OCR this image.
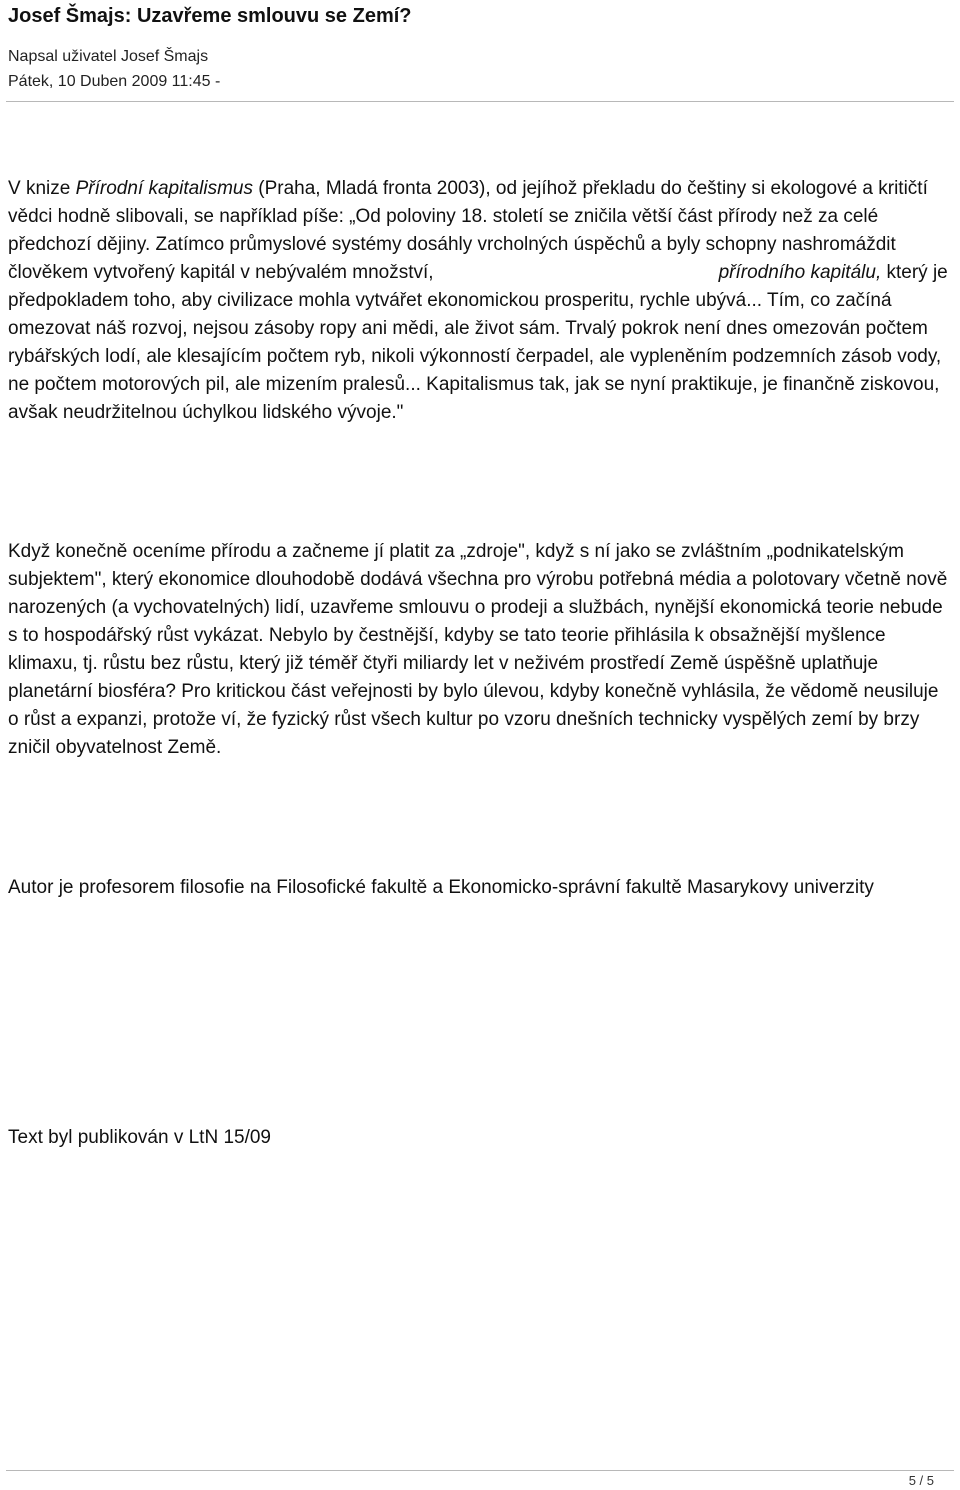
Josef Šmajs: Uzavřeme smlouvu se Zemí?
Napsal uživatel Josef Šmajs
Pátek, 10 Duben 2009 11:45 -

V knize Přírodní kapitalismus (Praha, Mladá fronta 2003), od jejíhož překladu do češtiny si ekologové a kritičtí vědci hodně slibovali, se například píše: „Od poloviny 18. století se zničila větší část přírody než za celé předchozí dějiny. Zatímco průmyslové systémy dosáhly vrcholných úspěchů a byly schopny nashromáždit člověkem vytvořený kapitál v nebývalém množství,	přírodního kapitálu, který je předpokladem toho, aby civilizace mohla vytvářet ekonomickou prosperitu, rychle ubývá... Tím, co začíná omezovat náš rozvoj, nejsou zásoby ropy ani mědi, ale život sám. Trvalý pokrok není dnes omezován počtem rybářských lodí, ale klesajícím počtem ryb, nikoli výkonností čerpadel, ale vypleněním podzemních zásob vody, ne počtem motorových pil, ale mizením pralesů... Kapitalismus tak, jak se nyní praktikuje, je finančně ziskovou, avšak neudržitelnou úchylkou lidského vývoje."

Když konečně oceníme přírodu a začneme jí platit za „zdroje", když s ní jako se zvláštním „podnikatelským subjektem", který ekonomice dlouhodobě dodává všechna pro výrobu potřebná média a polotovary včetně nově narozených (a vychovatelných) lidí, uzavřeme smlouvu o prodeji a službách, nynější ekonomická teorie nebude s to hospodářský růst vykázat. Nebylo by čestnější, kdyby se tato teorie přihlásila k obsažnější myšlence klimaxu, tj. růstu bez růstu, který již téměř čtyři miliardy let v neživém prostředí Země úspěšně uplatňuje planetární biosféra? Pro kritickou část veřejnosti by bylo úlevou, kdyby konečně vyhlásila, že vědomě neusiluje o růst a expanzi, protože ví, že fyzický růst všech kultur po vzoru dnešních technicky vyspělých zemí by brzy zničil obyvatelnost Země.

Autor je profesorem filosofie na Filosofické fakultě a Ekonomicko-správní fakultě Masarykovy univerzity

Text byl publikován v LtN 15/09

5 / 5
